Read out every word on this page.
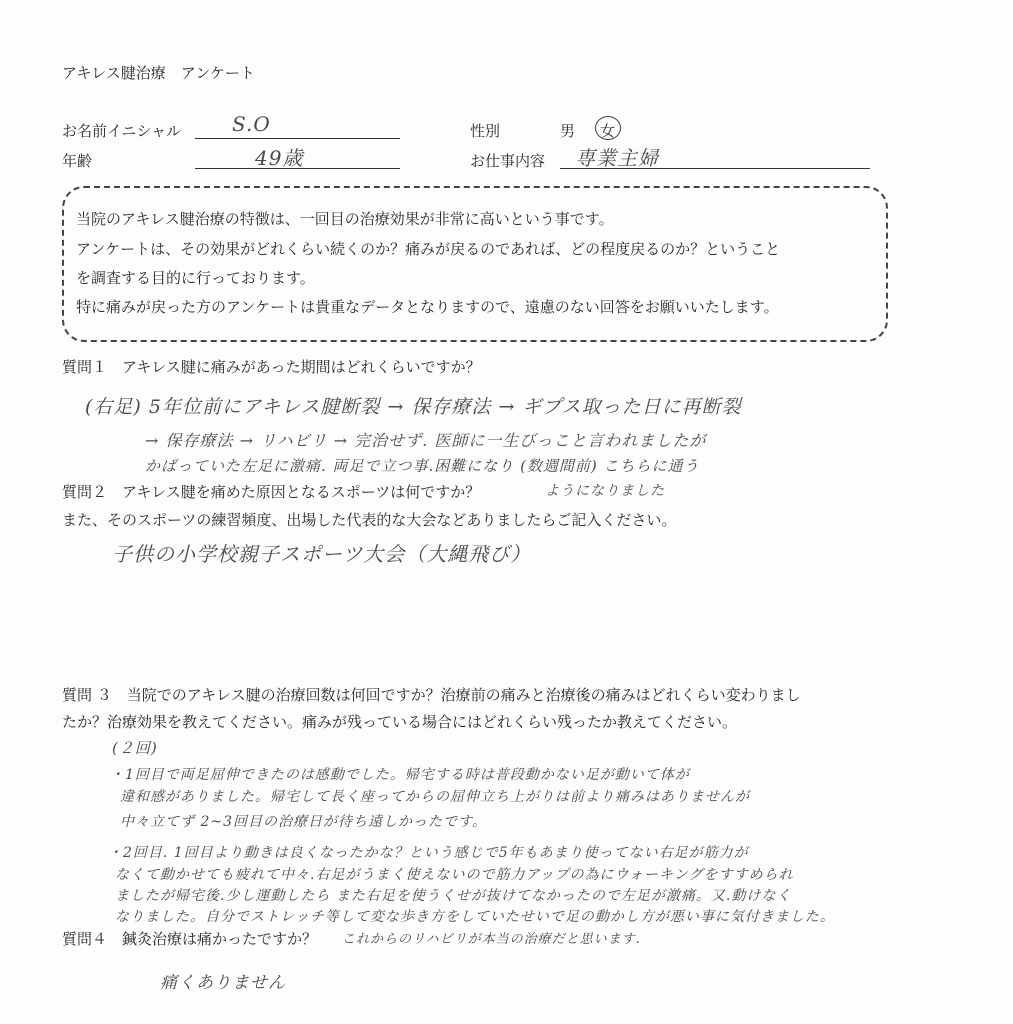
アキレス腱治療　アンケート
お名前イニシャル	S.O
年齢	49歳
性別	男 女
お仕事内容 専業主婦
当院のアキレス腱治療の特徴は、一回目の治療効果が非常に高いという事です。
アンケートは、その効果がどれくらい続くのか？痛みが戻るのであれば、どの程度戻るのか？ということ
を調査する目的に行っております。
特に痛みが戻った方のアンケートは貴重なデータとなりますので、遠慮のない回答をお願いいたします。
質問１　アキレス腱に痛みがあった期間はどれくらいですか？
(右足) 5年位前にアキレス腱断裂 → 保存療法 → ギプス取った日に再断裂
→ 保存療法 → リハビリ → 完治せず. 医師に一生びっこと言われましたが
かばっていた左足に激痛. 両足で立つ事.困難になり (数週間前) こちらに通う
ようになりました
質問２　アキレス腱を痛めた原因となるスポーツは何ですか？
また、そのスポーツの練習頻度、出場した代表的な大会などありましたらご記入ください。
子供の小学校親子スポーツ大会（大縄飛び）
質問 ３　当院でのアキレス腱の治療回数は何回ですか？治療前の痛みと治療後の痛みはどれくらい変わりまし
たか？治療効果を教えてください。痛みが残っている場合にはどれくらい残ったか教えてください。
(２回)
・1回目で両足屈伸できたのは感動でした。帰宅する時は普段動かない足が動いて体が
違和感がありました。帰宅して長く座ってからの屈伸立ち上がりは前より痛みはありませんが
中々立てず 2~3回目の治療日が待ち遠しかったです。
・2回目. 1回目より動きは良くなったかな？という感じで5年もあまり使ってない右足が筋力が
なくて動かせても疲れて中々.右足がうまく使えないので筋力アップの為にウォーキングをすすめられ
ましたが帰宅後.少し運動したら また右足を使うくせが抜けてなかったので左足が激痛。又.動けなく
なりました。自分でストレッチ等して変な歩き方をしていたせいで足の動かし方が悪い事に気付きました。
これからのリハビリが本当の治療だと思います.
質問４　鍼灸治療は痛かったですか？
痛くありません
